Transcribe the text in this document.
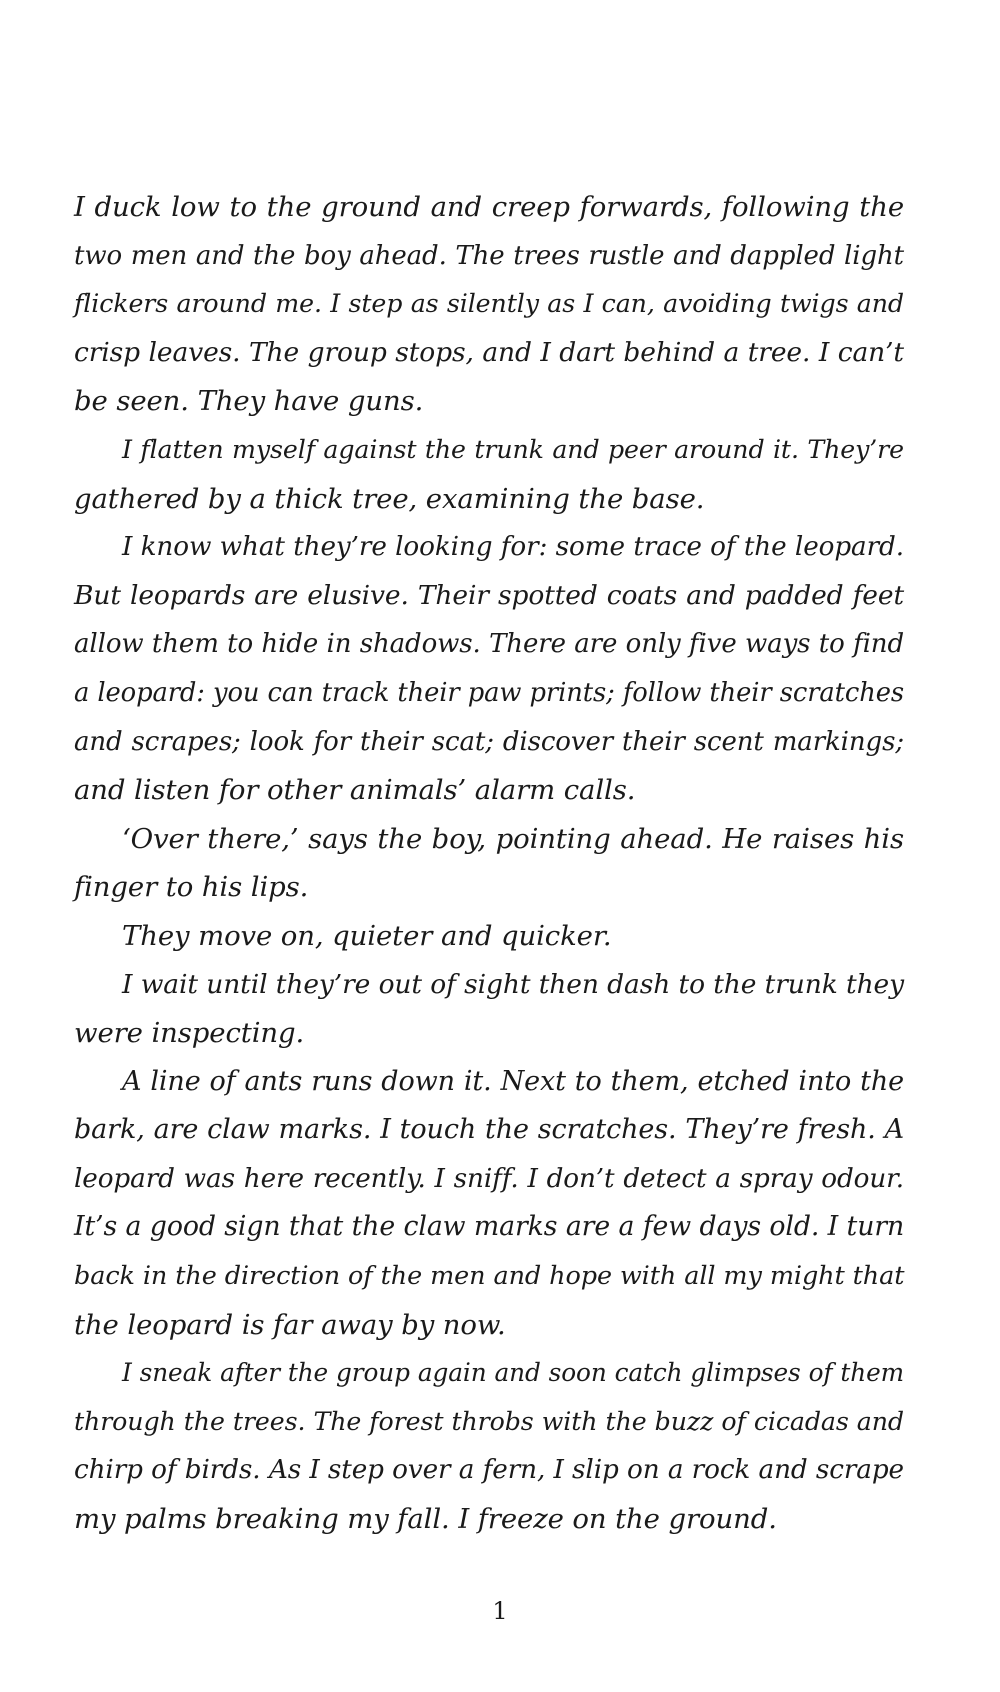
I duck low to the ground and creep forwards, following the
two men and the boy ahead. The trees rustle and dappled light
flickers around me. I step as silently as I can, avoiding twigs and
crisp leaves. The group stops, and I dart behind a tree. I can’t
be seen. They have guns.
I flatten myself against the trunk and peer around it. They’re
gathered by a thick tree, examining the base.
I know what they’re looking for: some trace of the leopard.
But leopards are elusive. Their spotted coats and padded feet
allow them to hide in shadows. There are only five ways to find
a leopard: you can track their paw prints; follow their scratches
and scrapes; look for their scat; discover their scent markings;
and listen for other animals’ alarm calls.
‘Over there,’ says the boy, pointing ahead. He raises his
finger to his lips.
They move on, quieter and quicker.
I wait until they’re out of sight then dash to the trunk they
were inspecting.
A line of ants runs down it. Next to them, etched into the
bark, are claw marks. I touch the scratches. They’re fresh. A
leopard was here recently. I sniff. I don’t detect a spray odour.
It’s a good sign that the claw marks are a few days old. I turn
back in the direction of the men and hope with all my might that
the leopard is far away by now.
I sneak after the group again and soon catch glimpses of them
through the trees. The forest throbs with the buzz of cicadas and
chirp of birds. As I step over a fern, I slip on a rock and scrape
my palms breaking my fall. I freeze on the ground.
1
